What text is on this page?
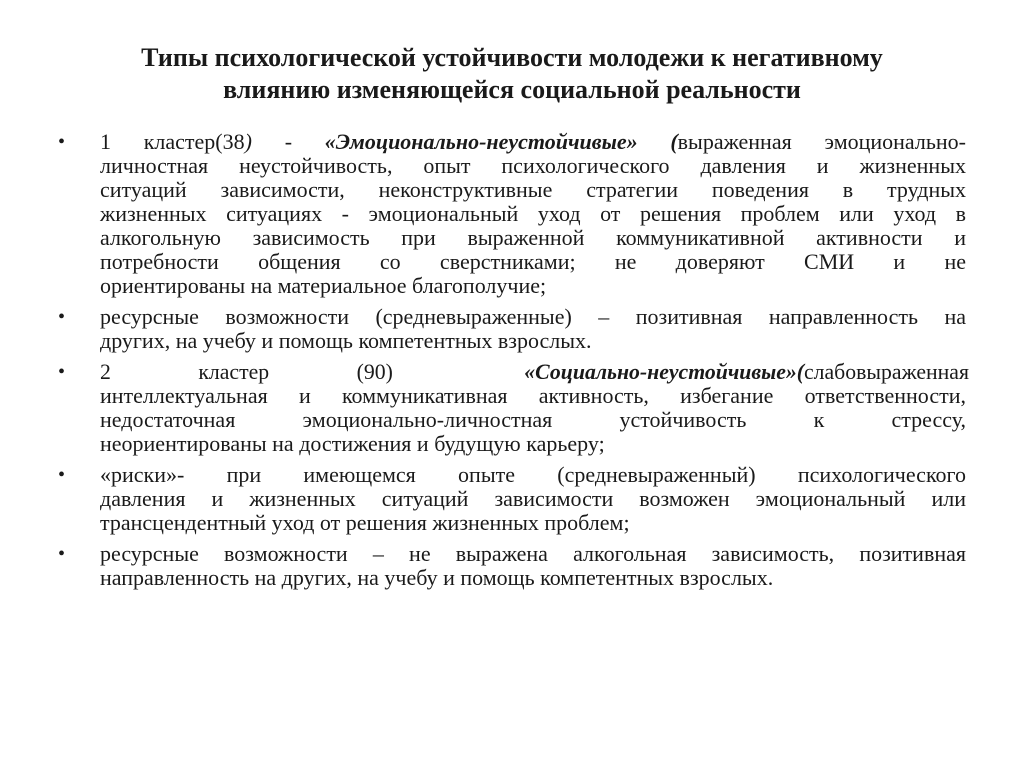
Типы психологической устойчивости молодежи к негативному
влиянию изменяющейся социальной реальности
•	1 кластер(38) - «Эмоционально-неустойчивые» (выраженная эмоционально-
личностная неустойчивость, опыт психологического давления и жизненных
ситуаций зависимости, неконструктивные стратегии поведения в трудных
жизненных ситуациях - эмоциональный уход от решения проблем или уход в
алкогольную зависимость при выраженной коммуникативной активности и
потребности общения со сверстниками; не доверяют СМИ и не
ориентированы на материальное благополучие;
•	ресурсные возможности (средневыраженные) – позитивная направленность на
других, на учебу и помощь компетентных взрослых.
•	2 кластер (90) «Социально-неустойчивые»(слабовыраженная
интеллектуальная и коммуникативная активность, избегание ответственности,
недостаточная эмоционально-личностная устойчивость к стрессу,
неориентированы на достижения и будущую карьеру;
•	«риски»- при имеющемся опыте (средневыраженный) психологического
давления и жизненных ситуаций зависимости возможен эмоциональный или
трансцендентный уход от решения жизненных проблем;
•	ресурсные возможности – не выражена алкогольная зависимость, позитивная
направленность на других, на учебу и помощь компетентных взрослых.
